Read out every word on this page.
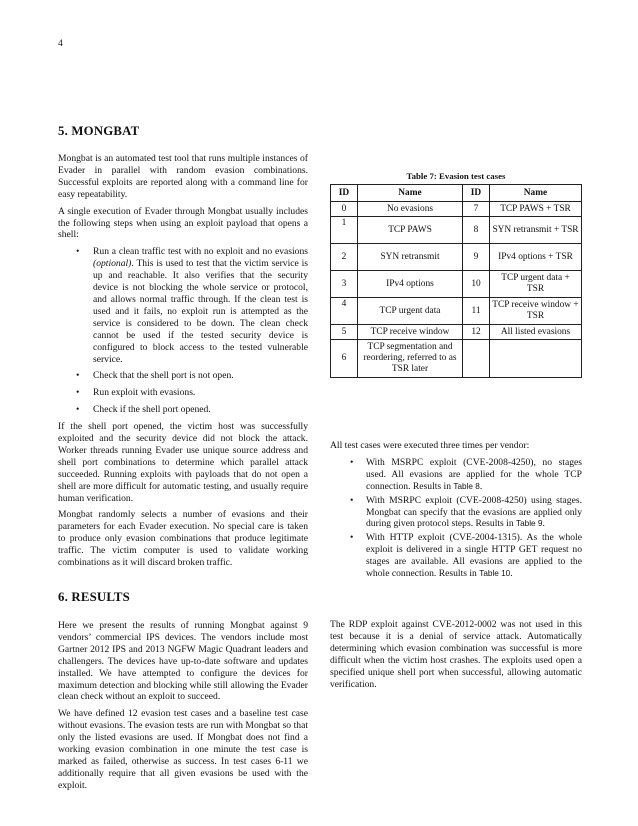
4
5. MONGBAT

Mongbat is an automated test tool that runs multiple instances of Evader in parallel with random evasion combinations. Successful exploits are reported along with a command line for easy repeatability.

A single execution of Evader through Mongbat usually includes the following steps when using an exploit payload that opens a shell:

• Run a clean traffic test with no exploit and no evasions (optional). This is used to test that the victim service is up and reachable. It also verifies that the security device is not blocking the whole service or protocol, and allows normal traffic through. If the clean test is used and it fails, no exploit run is attempted as the service is considered to be down. The clean check cannot be used if the tested security device is configured to block access to the tested vulnerable service.
• Check that the shell port is not open.
• Run exploit with evasions.
• Check if the shell port opened.

If the shell port opened, the victim host was successfully exploited and the security device did not block the attack. Worker threads running Evader use unique source address and shell port combinations to determine which parallel attack succeeded. Running exploits with payloads that do not open a shell are more difficult for automatic testing, and usually require human verification.

Mongbat randomly selects a number of evasions and their parameters for each Evader execution. No special care is taken to produce only evasion combinations that produce legitimate traffic. The victim computer is used to validate working combinations as it will discard broken traffic.

6. RESULTS

Here we present the results of running Mongbat against 9 vendors’ commercial IPS devices. The vendors include most Gartner 2012 IPS and 2013 NGFW Magic Quadrant leaders and challengers. The devices have up-to-date software and updates installed. We have attempted to configure the devices for maximum detection and blocking while still allowing the Evader clean check without an exploit to succeed.

We have defined 12 evasion test cases and a baseline test case without evasions. The evasion tests are run with Mongbat so that only the listed evasions are used. If Mongbat does not find a working evasion combination in one minute the test case is marked as failed, otherwise as success. In test cases 6-11 we additionally require that all given evasions be used with the exploit.

Table 7: Evasion test cases
ID	Name	ID	Name
0	No evasions	7	TCP PAWS + TSR
1	TCP PAWS	8	SYN retransmit + TSR
2	SYN retransmit	9	IPv4 options + TSR
3	IPv4 options	10	TCP urgent data + TSR
4	TCP urgent data	11	TCP receive window + TSR
5	TCP receive window	12	All listed evasions
6	TCP segmentation and reordering, referred to as TSR later		

All test cases were executed three times per vendor:

• With MSRPC exploit (CVE-2008-4250), no stages used. All evasions are applied for the whole TCP connection. Results in Table 8.
• With MSRPC exploit (CVE-2008-4250) using stages. Mongbat can specify that the evasions are applied only during given protocol steps. Results in Table 9.
• With HTTP exploit (CVE-2004-1315). As the whole exploit is delivered in a single HTTP GET request no stages are available. All evasions are applied to the whole connection. Results in Table 10.

The RDP exploit against CVE-2012-0002 was not used in this test because it is a denial of service attack. Automatically determining which evasion combination was successful is more difficult when the victim host crashes. The exploits used open a specified unique shell port when successful, allowing automatic verification.
